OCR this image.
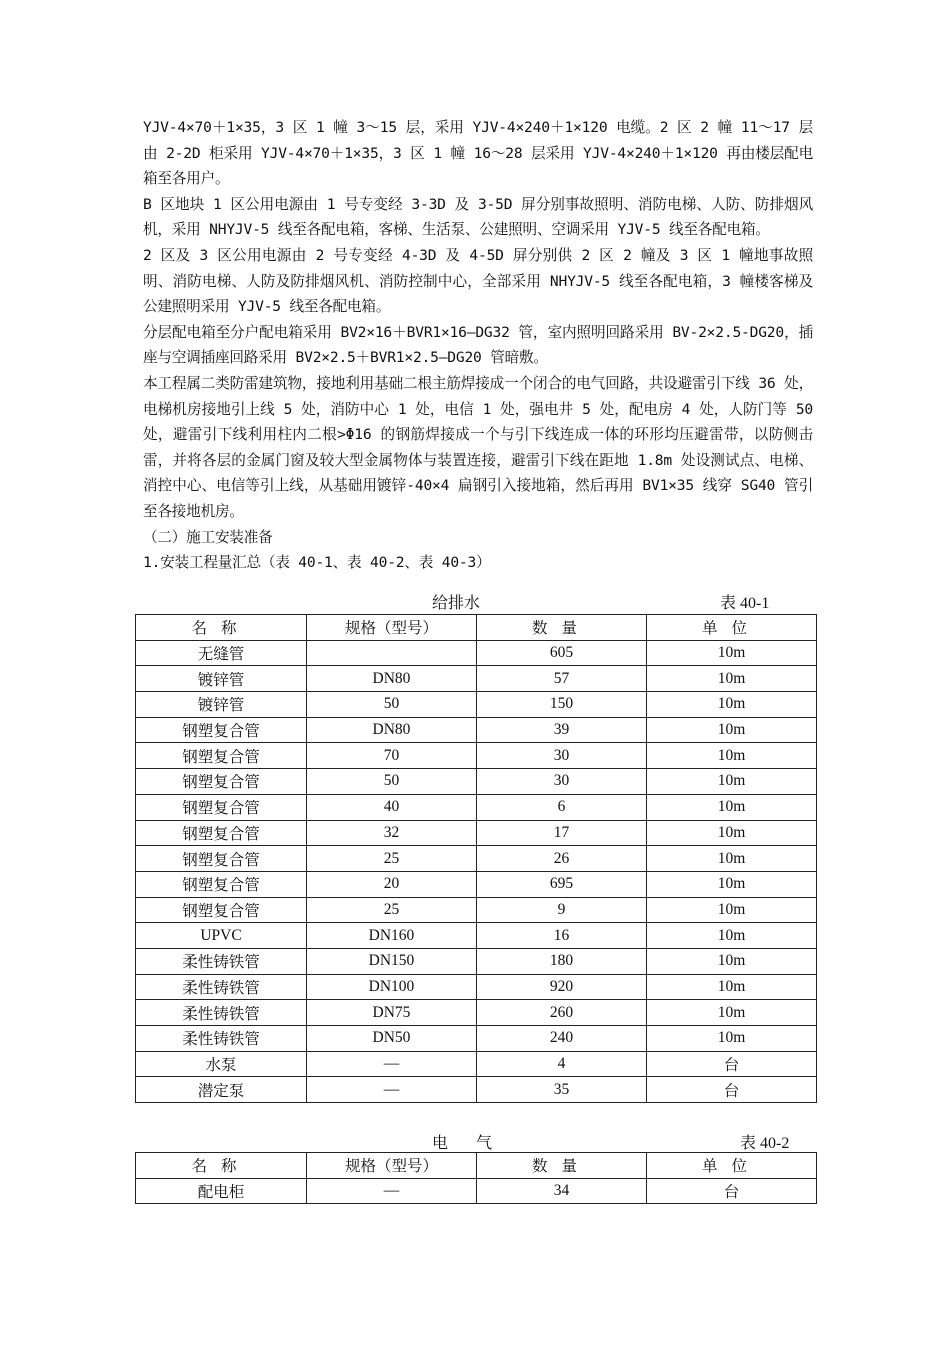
YJV-4×70＋1×35，3 区 1 幢 3～15 层，采用 YJV-4×240＋1×120 电缆。2 区 2 幢 11～17 层由 2-2D 柜采用 YJV-4×70＋1×35，3 区 1 幢 16～28 层采用 YJV-4×240＋1×120 再由楼层配电箱至各用户。

B 区地块 1 区公用电源由 1 号专变经 3-3D 及 3-5D 屏分别事故照明、消防电梯、人防、防排烟风机，采用 NHYJV-5 线至各配电箱，客梯、生活泵、公建照明、空调采用 YJV-5 线至各配电箱。

2 区及 3 区公用电源由 2 号专变经 4-3D 及 4-5D 屏分别供 2 区 2 幢及 3 区 1 幢地事故照明、消防电梯、人防及防排烟风机、消防控制中心，全部采用 NHYJV-5 线至各配电箱，3 幢楼客梯及公建照明采用 YJV-5 线至各配电箱。

分层配电箱至分户配电箱采用 BV2×16＋BVR1×16—DG32 管，室内照明回路采用 BV-2×2.5-DG20，插座与空调插座回路采用 BV2×2.5＋BVR1×2.5—DG20 管暗敷。

本工程属二类防雷建筑物，接地利用基础二根主筋焊接成一个闭合的电气回路，共设避雷引下线 36 处，电梯机房接地引上线 5 处，消防中心 1 处，电信 1 处，强电井 5 处，配电房 4 处，人防门等 50 处，避雷引下线利用柱内二根>Φ16 的钢筋焊接成一个与引下线连成一体的环形均压避雷带，以防侧击雷，并将各层的金属门窗及较大型金属物体与装置连接，避雷引下线在距地 1.8m 处设测试点、电梯、消控中心、电信等引上线，从基础用镀锌-40×4 扁钢引入接地箱，然后再用 BV1×35 线穿 SG40 管引至各接地机房。

（二）施工安装准备

1.安装工程量汇总（表 40-1、表 40-2、表 40-3）

给排水	表 40-1
名称	规格（型号）	数量	单位
无缝管		605	10m
镀锌管	DN80	57	10m
镀锌管	50	150	10m
钢塑复合管	DN80	39	10m
钢塑复合管	70	30	10m
钢塑复合管	50	30	10m
钢塑复合管	40	6	10m
钢塑复合管	32	17	10m
钢塑复合管	25	26	10m
钢塑复合管	20	695	10m
钢塑复合管	25	9	10m
UPVC	DN160	16	10m
柔性铸铁管	DN150	180	10m
柔性铸铁管	DN100	920	10m
柔性铸铁管	DN75	260	10m
柔性铸铁管	DN50	240	10m
水泵	—	4	台
潜定泵	—	35	台
电 气	表 40-2
名称	规格（型号）	数量	单位
配电柜	—	34	台
